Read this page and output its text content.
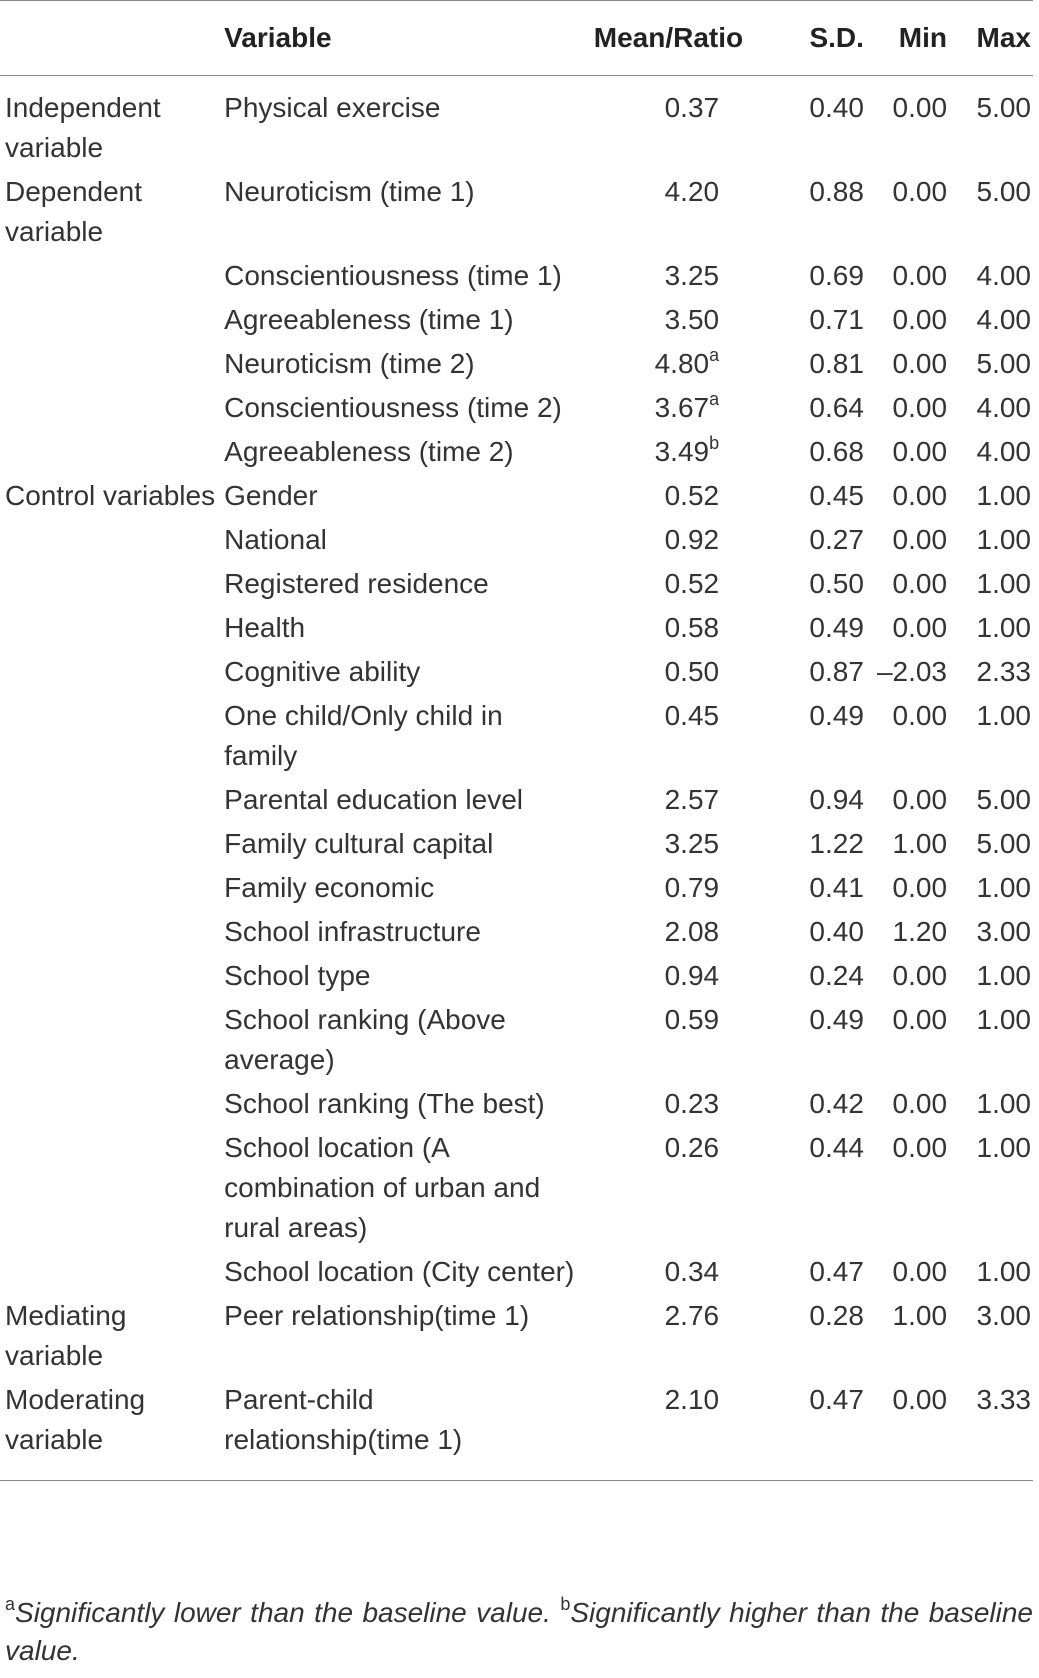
	Variable	Mean/Ratio	S.D.	Min	Max
Independent variable	Physical exercise	0.37	0.40	0.00	5.00
Dependent variable	Neuroticism (time 1)	4.20	0.88	0.00	5.00
	Conscientiousness (time 1)	3.25	0.69	0.00	4.00
	Agreeableness (time 1)	3.50	0.71	0.00	4.00
	Neuroticism (time 2)	4.80$^a$	0.81	0.00	5.00
	Conscientiousness (time 2)	3.67$^a$	0.64	0.00	4.00
	Agreeableness (time 2)	3.49$^b$	0.68	0.00	4.00
Control variables	Gender	0.52	0.45	0.00	1.00
	National	0.92	0.27	0.00	1.00
	Registered residence	0.52	0.50	0.00	1.00
	Health	0.58	0.49	0.00	1.00
	Cognitive ability	0.50	0.87	–2.03	2.33
	One child/Only child in family	0.45	0.49	0.00	1.00
	Parental education level	2.57	0.94	0.00	5.00
	Family cultural capital	3.25	1.22	1.00	5.00
	Family economic	0.79	0.41	0.00	1.00
	School infrastructure	2.08	0.40	1.20	3.00
	School type	0.94	0.24	0.00	1.00
	School ranking (Above average)	0.59	0.49	0.00	1.00
	School ranking (The best)	0.23	0.42	0.00	1.00
	School location (A combination of urban and rural areas)	0.26	0.44	0.00	1.00
	School location (City center)	0.34	0.47	0.00	1.00
Mediating variable	Peer relationship(time 1)	2.76	0.28	1.00	3.00
Moderating variable	Parent-child relationship(time 1)	2.10	0.47	0.00	3.33
$^a$Significantly lower than the baseline value. $^b$Significantly higher than the baseline value.
